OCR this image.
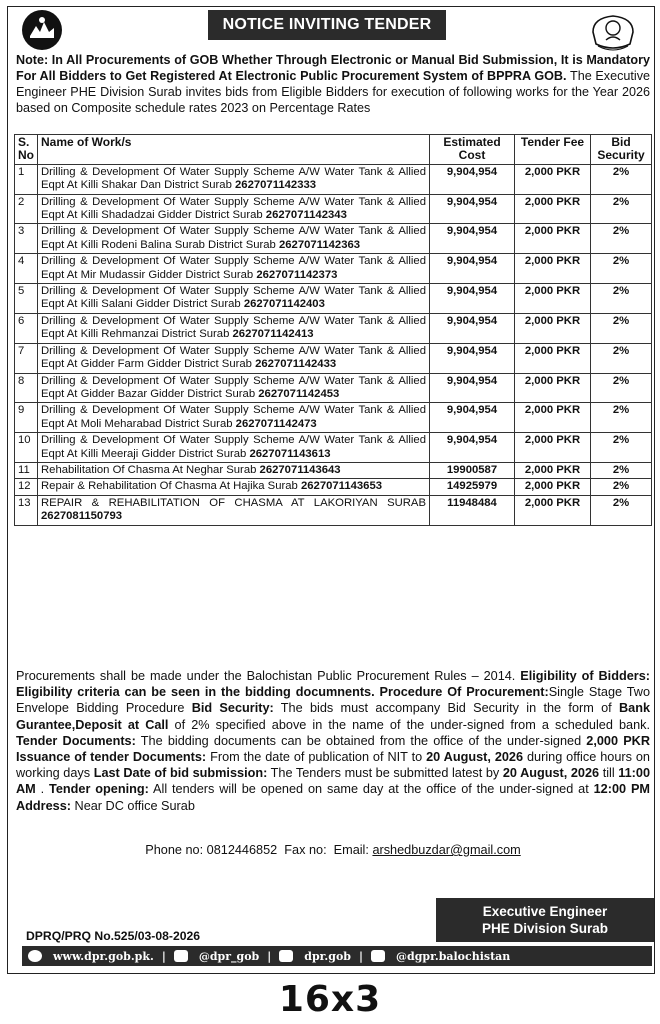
NOTICE INVITING TENDER
Note: In All Procurements of GOB Whether Through Electronic or Manual Bid Submission, It is Mandatory For All Bidders to Get Registered At Electronic Public Procurement System of BPPRA GOB. The Executive Engineer PHE Division Surab invites bids from Eligible Bidders for execution of following works for the Year 2026 based on Composite schedule rates 2023 on Percentage Rates
S. No	Name of Work/s	Estimated Cost	Tender Fee	Bid Security
1	Drilling & Development Of Water Supply Scheme A/W Water Tank & Allied Eqpt At Killi Shakar Dan District Surab 2627071142333	9,904,954	2,000 PKR	2%
2	Drilling & Development Of Water Supply Scheme A/W Water Tank & Allied Eqpt At Killi Shadadzai Gidder District Surab 2627071142343	9,904,954	2,000 PKR	2%
3	Drilling & Development Of Water Supply Scheme A/W Water Tank & Allied Eqpt At Killi Rodeni Balina Surab District Surab 2627071142363	9,904,954	2,000 PKR	2%
4	Drilling & Development Of Water Supply Scheme A/W Water Tank & Allied Eqpt At Mir Mudassir Gidder District Surab 2627071142373	9,904,954	2,000 PKR	2%
5	Drilling & Development Of Water Supply Scheme A/W Water Tank & Allied Eqpt At Killi Salani Gidder District Surab 2627071142403	9,904,954	2,000 PKR	2%
6	Drilling & Development Of Water Supply Scheme A/W Water Tank & Allied Eqpt At Killi Rehmanzai District Surab 2627071142413	9,904,954	2,000 PKR	2%
7	Drilling & Development Of Water Supply Scheme A/W Water Tank & Allied Eqpt At Gidder Farm Gidder District Surab 2627071142433	9,904,954	2,000 PKR	2%
8	Drilling & Development Of Water Supply Scheme A/W Water Tank & Allied Eqpt At Gidder Bazar Gidder District Surab 2627071142453	9,904,954	2,000 PKR	2%
9	Drilling & Development Of Water Supply Scheme A/W Water Tank & Allied Eqpt At Moli Meharabad District Surab 2627071142473	9,904,954	2,000 PKR	2%
10	Drilling & Development Of Water Supply Scheme A/W Water Tank & Allied Eqpt At Killi Meeraji Gidder District Surab 2627071143613	9,904,954	2,000 PKR	2%
11	Rehabilitation Of Chasma At Neghar Surab 2627071143643	19900587	2,000 PKR	2%
12	Repair & Rehabilitation Of Chasma At Hajika Surab 2627071143653	14925979	2,000 PKR	2%
13	REPAIR & REHABILITATION OF CHASMA AT LAKORIYAN SURAB 2627081150793	11948484	2,000 PKR	2%
Procurements shall be made under the Balochistan Public Procurement Rules – 2014. Eligibility of Bidders: Eligibility criteria can be seen in the bidding documnents. Procedure Of Procurement:Single Stage Two Envelope Bidding Procedure Bid Security: The bids must accompany Bid Security in the form of Bank Gurantee,Deposit at Call of 2% specified above in the name of the under-signed from a scheduled bank. Tender Documents: The bidding documents can be obtained from the office of the under-signed 2,000 PKR Issuance of tender Documents: From the date of publication of NIT to 20 August, 2026 during office hours on working days Last Date of bid submission: The Tenders must be submitted latest by 20 August, 2026 till 11:00 AM . Tender opening: All tenders will be opened on same day at the office of the under-signed at 12:00 PM Address: Near DC office Surab
Phone no: 0812446852 Fax no: Email: arshedbuzdar@gmail.com
Executive Engineer
PHE Division Surab
DPRQ/PRQ No.525/03-08-2026
www.dpr.gob.pk. |	@dpr_gob |	dpr.gob |	@dgpr.balochistan
16x3
